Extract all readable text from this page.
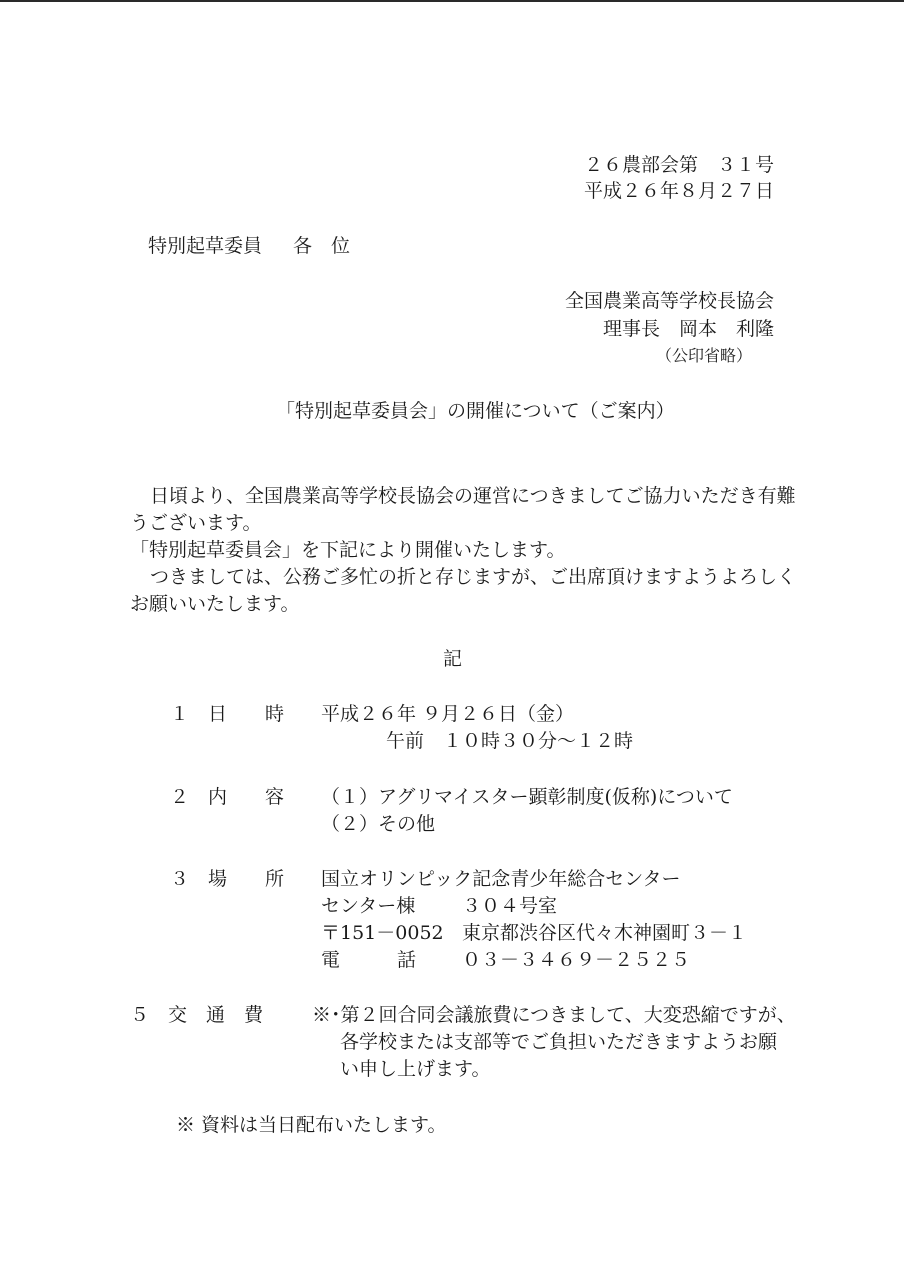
２６農部会第　３１号
平成２６年８月２７日
特別起草委員 各　位
全国農業高等学校長協会
理事長　岡本　利隆
（公印省略）
「特別起草委員会」の開催について（ご案内）
日頃より、全国農業高等学校長協会の運営につきましてご協力いただき有難
うございます。
「特別起草委員会」を下記により開催いたします。
つきましては、公務ご多忙の折と存じますが、ご出席頂けますようよろしく
お願いいたします。
記
１　日　　時 平成２６年 ９月２６日（金）
午前　１０時３０分～１２時
２　内　　容 （１）アグリマイスター顕彰制度(仮称)について
（２）その他
３　場　　所 国立オリンピック記念青少年総合センター
センター棟 ３０４号室
〒151－0052 東京都渋谷区代々木神園町３－１
電　　　話 ０３－３４６９－２５２５
５　交　通　費	※･第２回合同会議旅費につきまして、大変恐縮ですが、
各学校または支部等でご負担いただきますようお願
い申し上げます。
※ 資料は当日配布いたします。
